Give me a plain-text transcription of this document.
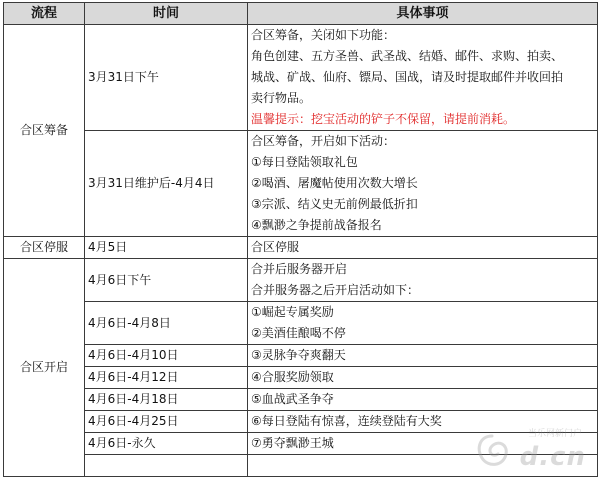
流程	时间	具体事项
合区筹备	3月31日下午	合区筹备，关闭如下功能：
角色创建、五方圣兽、武圣战、结婚、邮件、求购、拍卖、
城战、矿战、仙府、镖局、国战，请及时提取邮件并收回拍
卖行物品。
温馨提示：挖宝活动的铲子不保留，请提前消耗。

	3月31日维护后-4月4日	合区筹备，开启如下活动：
①每日登陆领取礼包
②喝酒、屠魔帖使用次数大增长
③宗派、结义史无前例最低折扣
④飘渺之争提前战备报名

合区停服	4月5日	合区停服
合区开启	4月6日下午	合并后服务器开启
合并服务器之后开启活动如下：

	4月6日-4月8日	①崛起专属奖励
②美酒佳酿喝不停

	4月6日-4月10日	③灵脉争夺爽翻天
	4月6日-4月12日	④合服奖励领取
	4月6日-4月18日	⑤血战武圣争夺
	4月6日-4月25日	⑥每日登陆有惊喜，连续登陆有大奖
	4月6日-永久	⑦勇夺飘渺王城

当乐网新门户
d.cn
